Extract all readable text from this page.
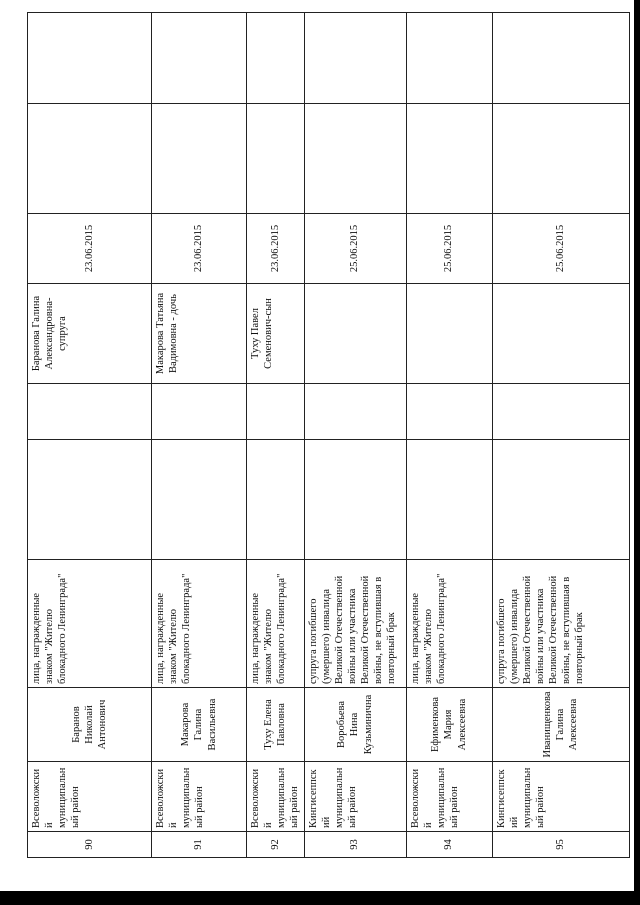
90	Всеволожский муниципальный район	Баранов Николай Антонович	лица, награжденные знаком "Жителю блокадного Ленинграда"			Баранова Галина Александровна-супруга	23.06.2015		
91	Всеволожский муниципальный район	Макарова Галина Васильевна	лица, награжденные знаком "Жителю блокадного Ленинграда"			Макарова Татьяна Вадимовна - дочь	23.06.2015		
92	Всеволожский муниципальный район	Туху Елена Павловна	лица, награжденные знаком "Жителю блокадного Ленинграда"			Туху Павел Семенович-сын	23.06.2015		
93	Кингисеппский муниципальный район	Воробьева Нина Кузьминична	супруга погибшего (умершего) инвалида Великой Отечественной войны или участника Великой Отечественной войны, не вступившая в повторный брак				25.06.2015		
94	Всеволожский муниципальный район	Ефименкова Мария Алексеевна	лица, награжденные знаком "Жителю блокадного Ленинграда"				25.06.2015		
95	Кингисеппский муниципальный район	Иванищенкова Галина Алексеевна	супруга погибшего (умершего) инвалида Великой Отечественной войны или участника Великой Отечественной войны, не вступившая в повторный брак				25.06.2015		
